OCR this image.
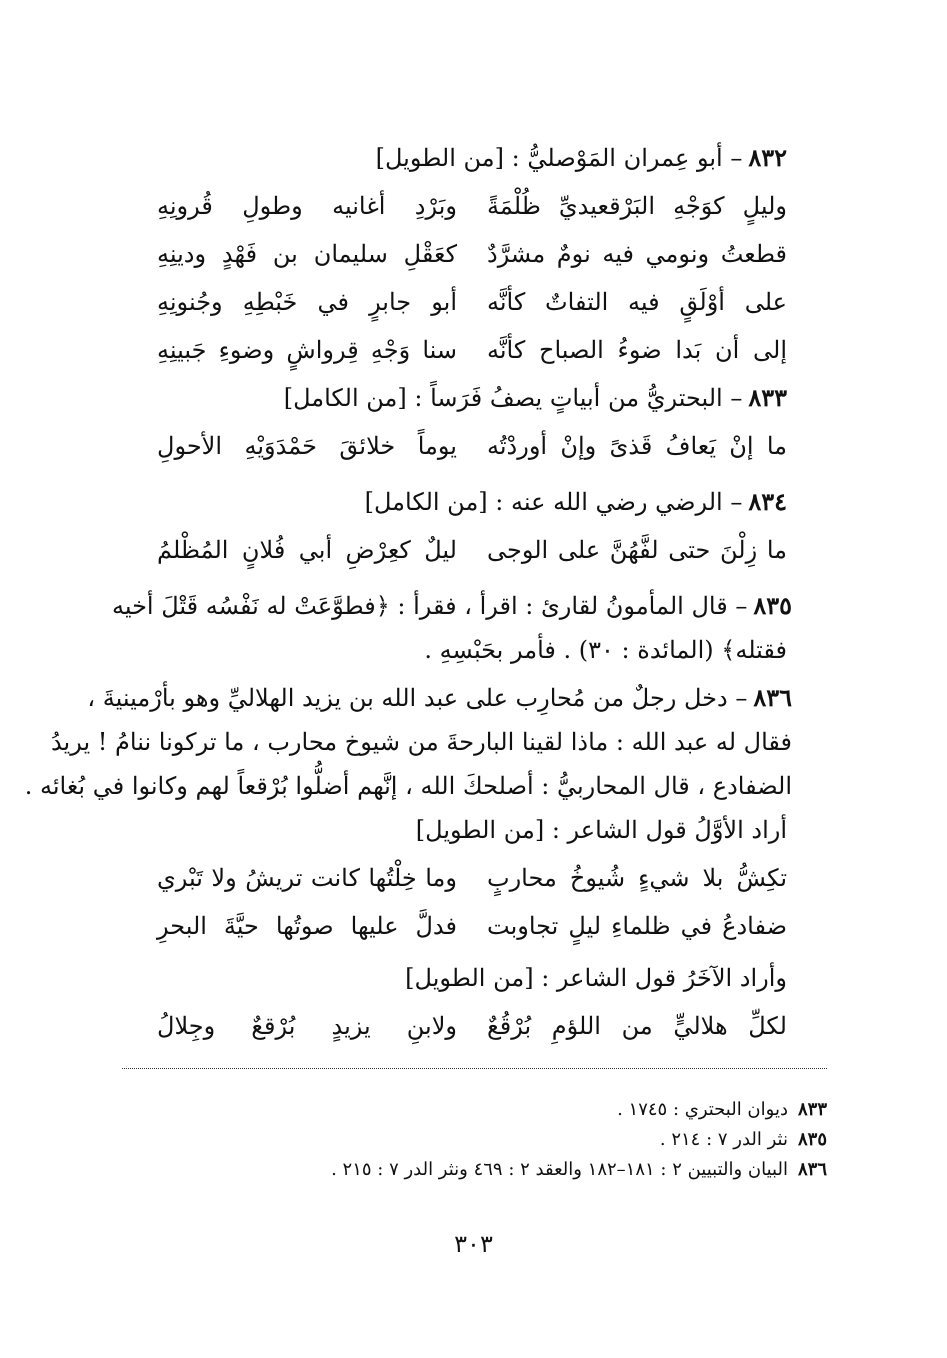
٨٣٢– أبو عِمران المَوْصليُّ : [من الطويل]
وليلٍ كوَجْهِ البَرْقعيديِّ ظُلْمَةً
وبَرْدِ أغانيه وطولِ قُرونِهِ
قطعتُ ونومي فيه نومٌ مشرَّدٌ
كعَقْلِ سليمان بن فَهْدٍ ودينِهِ
على أوْلَقٍ فيه التفاتٌ كأنَّه
أبو جابرٍ في خَبْطِهِ وجُنونِهِ
إلى أن بَدا ضوءُ الصباح كأنَّه
سنا وَجْهِ قِرواشٍ وضوءِ جَبينِهِ
٨٣٣– البحتريُّ من أبياتٍ يصفُ فَرَساً : [من الكامل]
ما إنْ يَعافُ قَذىً وإنْ أوردْتُه
يوماً خلائقَ حَمْدَوَيْهِ الأحولِ
٨٣٤– الرضي رضي الله عنه : [من الكامل]
ما زِلْنَ حتى لفَّهُنَّ على الوجى
ليلٌ كعِرْضِ أبي فُلانٍ المُظْلمُ
٨٣٥– قال المأمونُ لقارئ : اقرأ ، فقرأ : ﴿فطوَّعَتْ له نَفْسُه قَتْلَ أخيه
فقتله﴾ (المائدة : ٣٠) . فأمر بحَبْسِهِ .
٨٣٦– دخل رجلٌ من مُحارِب على عبد الله بن يزيد الهلاليِّ وهو بأرْمينيةَ ،
فقال له عبد الله : ماذا لقينا البارحةَ من شيوخ محارب ، ما تركونا ننامُ ! يريدُ
الضفادع ، قال المحاربيُّ : أصلحكَ الله ، إنَّهم أضلُّوا بُرْقعاً لهم وكانوا في بُغائه .
أراد الأوَّلُ قول الشاعر : [من الطويل]
تكِشُّ بلا شيءٍ شُيوخُ محاربٍ
وما خِلْتُها كانت تريشُ ولا تَبْري
ضفادعُ في ظلماءِ ليلٍ تجاوبت
فدلَّ عليها صوتُها حيَّةَ البحرِ
وأراد الآخَرُ قول الشاعر : [من الطويل]
لكلِّ هلاليٍّ من اللؤمِ بُرْقُعٌ
ولابنِ يزيدٍ بُرْقعٌ وجِلالُ
٨٣٣ديوان البحتري : ١٧٤٥ .
٨٣٥نثر الدر ٧ : ٢١٤ .
٨٣٦البيان والتبيين ٢ : ١٨١–١٨٢ والعقد ٢ : ٤٦٩ ونثر الدر ٧ : ٢١٥ .
٣٠٣
